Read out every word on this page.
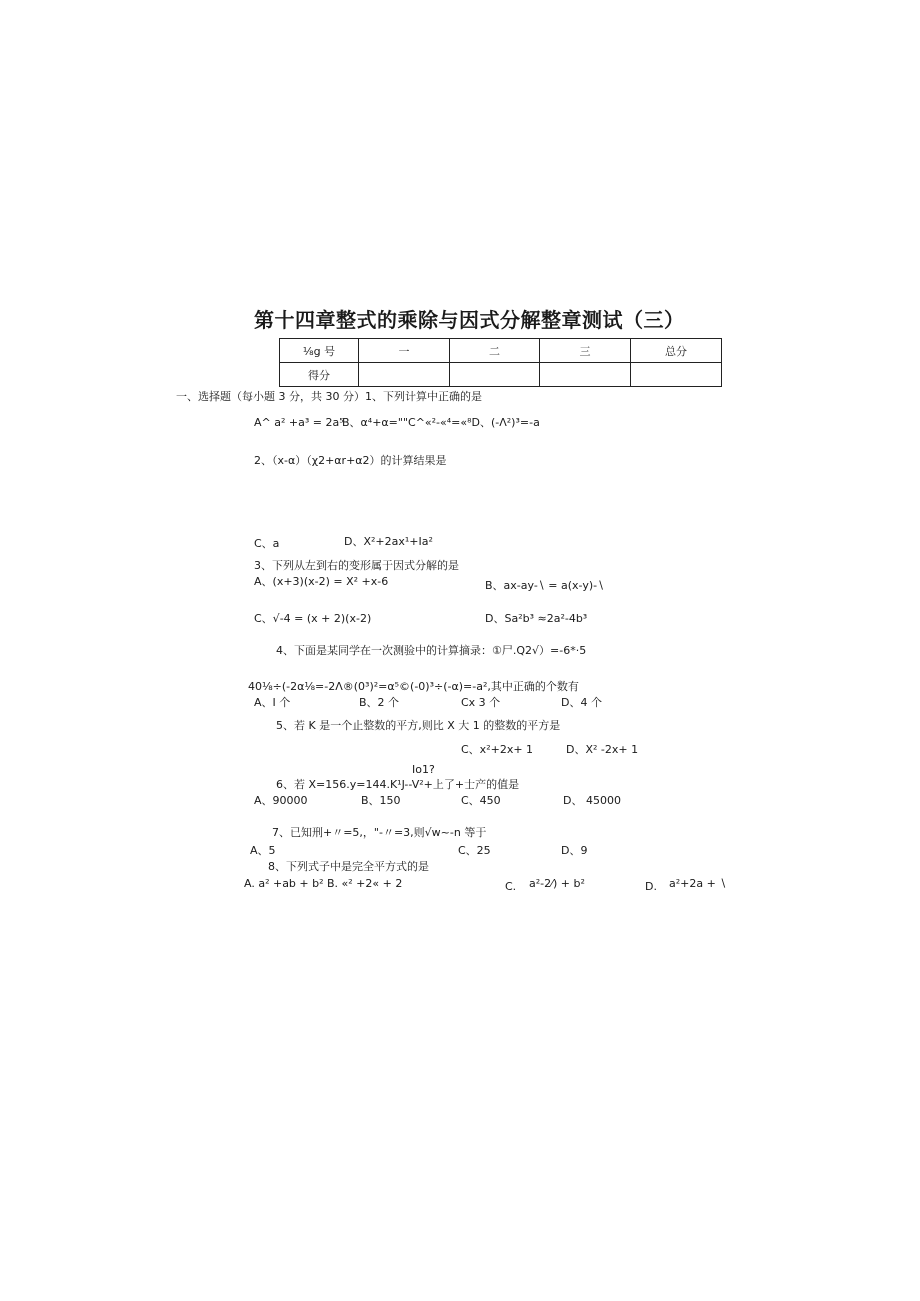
第十四章整式的乘除与因式分解整章测试（三）
⅛g 号	一	二	三	总分
得分				
一、选择题（每小题 3 分，共 30 分）1、下列计算中正确的是
A^ a² +a³ = 2a⁵
B、α⁴+α=""C^«²-«⁴=«⁸D、(-Λ²)³=-a
2、（x-α）（χ2+αr+α2）的计算结果是
C、a	D、X²+2ax¹+Ia²
3、下列从左到右的变形属于因式分解的是
A、(x+3)(x-2) = X² +x-6	B、ax-ay-∖ = a(x-y)-∖
C、√-4 = (x + 2)(x-2)	D、Sa²b³ ≈2a²-4b³
4、下面是某同学在一次测验中的计算摘录：①尸.Q2√）=-6*·5
40⅛÷(-2α⅛=-2Λ®(0³)²=α⁵©(-0)³÷(-α)=-a²,其中正确的个数有
A、I 个	B、2 个	Cx 3 个	D、4 个
5、若 K 是一个止整数的平方,则比 X 大 1 的整数的平方是
C、x²+2x+ 1	D、X² -2x+ 1
Io1?
6、若 X=156.y=144.K¹J--V²+上了+士产的值是
A、90000	B、150	C、450	D、 45000
7、已知刑+〃=5,，"-〃=3,则√w~-n 等于
A、5	C、25	D、9
8、下列式子中是完全平方式的是
A. a² +ab + b² B. «² +2« + 2	C. a²-2⁄) + b²	D. a²+2a + ∖
